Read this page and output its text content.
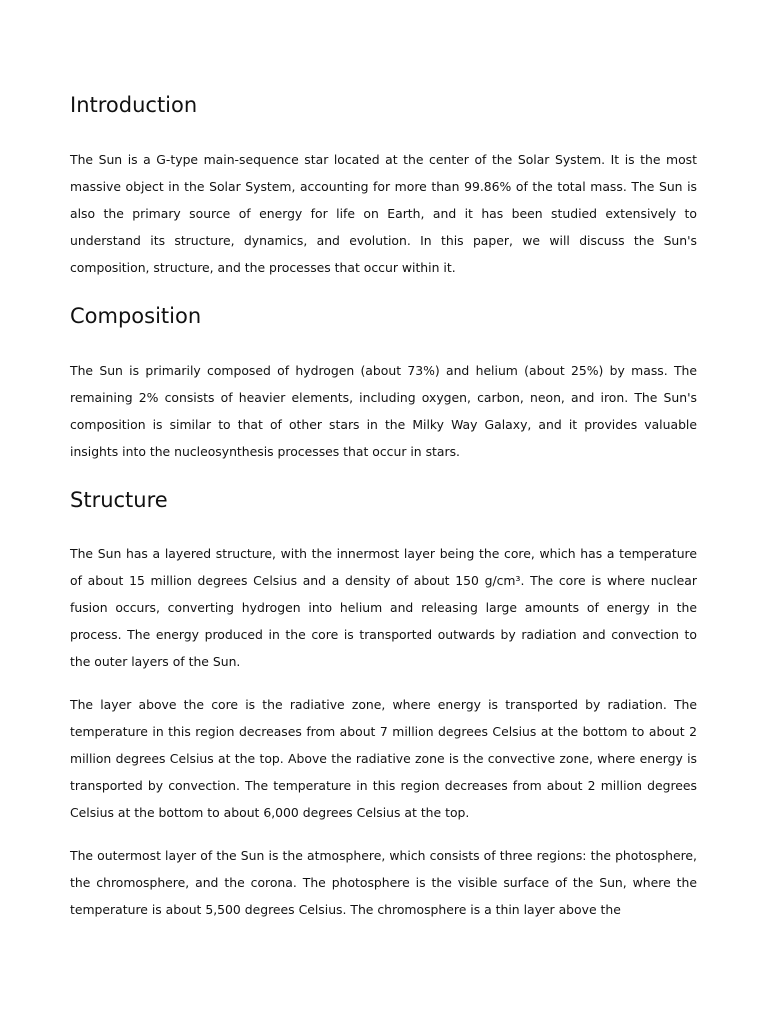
Introduction

The Sun is a G-type main-sequence star located at the center of the Solar System. It is the most massive object in the Solar System, accounting for more than 99.86% of the total mass. The Sun is also the primary source of energy for life on Earth, and it has been studied extensively to understand its structure, dynamics, and evolution. In this paper, we will discuss the Sun's composition, structure, and the processes that occur within it.

Composition

The Sun is primarily composed of hydrogen (about 73%) and helium (about 25%) by mass. The remaining 2% consists of heavier elements, including oxygen, carbon, neon, and iron. The Sun's composition is similar to that of other stars in the Milky Way Galaxy, and it provides valuable insights into the nucleosynthesis processes that occur in stars.

Structure

The Sun has a layered structure, with the innermost layer being the core, which has a temperature of about 15 million degrees Celsius and a density of about 150 g/cm³. The core is where nuclear fusion occurs, converting hydrogen into helium and releasing large amounts of energy in the process. The energy produced in the core is transported outwards by radiation and convection to the outer layers of the Sun.

The layer above the core is the radiative zone, where energy is transported by radiation. The temperature in this region decreases from about 7 million degrees Celsius at the bottom to about 2 million degrees Celsius at the top. Above the radiative zone is the convective zone, where energy is transported by convection. The temperature in this region decreases from about 2 million degrees Celsius at the bottom to about 6,000 degrees Celsius at the top.

The outermost layer of the Sun is the atmosphere, which consists of three regions: the photosphere, the chromosphere, and the corona. The photosphere is the visible surface of the Sun, where the temperature is about 5,500 degrees Celsius. The chromosphere is a thin layer above the
